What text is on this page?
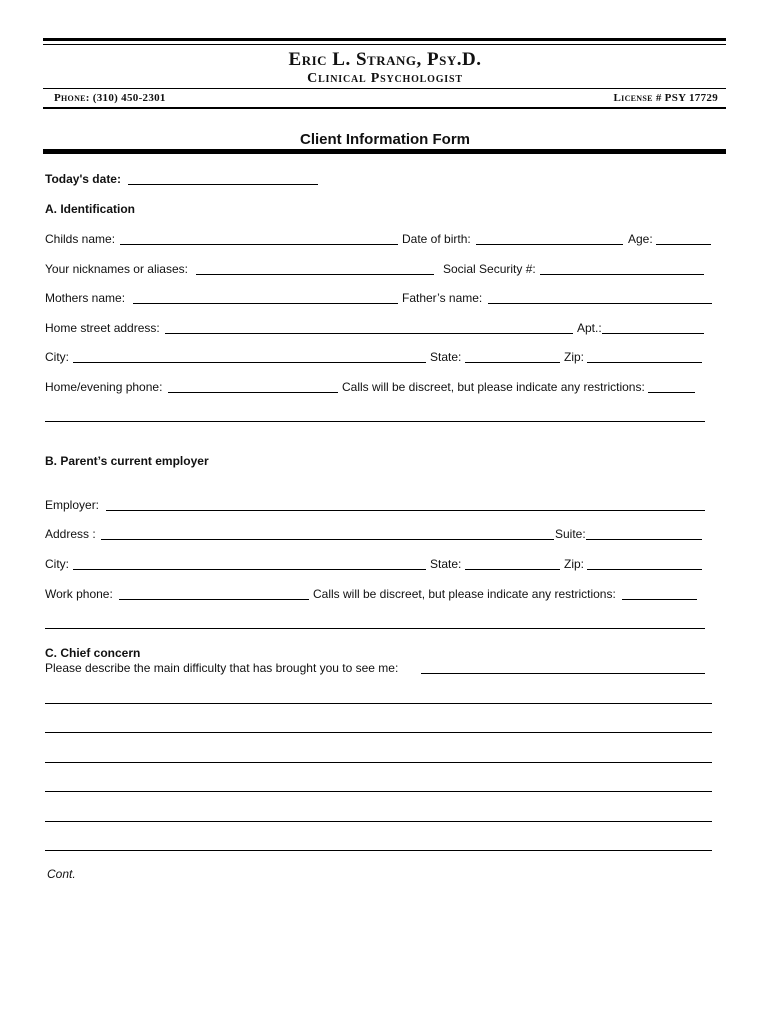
Eric L. Strang, Psy.D.
Clinical Psychologist
Phone: (310) 450-2301	License # PSY 17729
Client Information Form
Today's date:
A. Identification
Childs name:	Date of birth:	Age:
Your nicknames or aliases:	Social Security #:
Mothers name:	Father’s name:
Home street address:	Apt.:
City:	State:	Zip:
Home/evening phone:	Calls will be discreet, but please indicate any restrictions:
B. Parent’s current employer
Employer:
Address :	Suite:
City:	State:	Zip:
Work phone:	Calls will be discreet, but please indicate any restrictions:
C. Chief concern
Please describe the main difficulty that has brought you to see me:
Cont.
